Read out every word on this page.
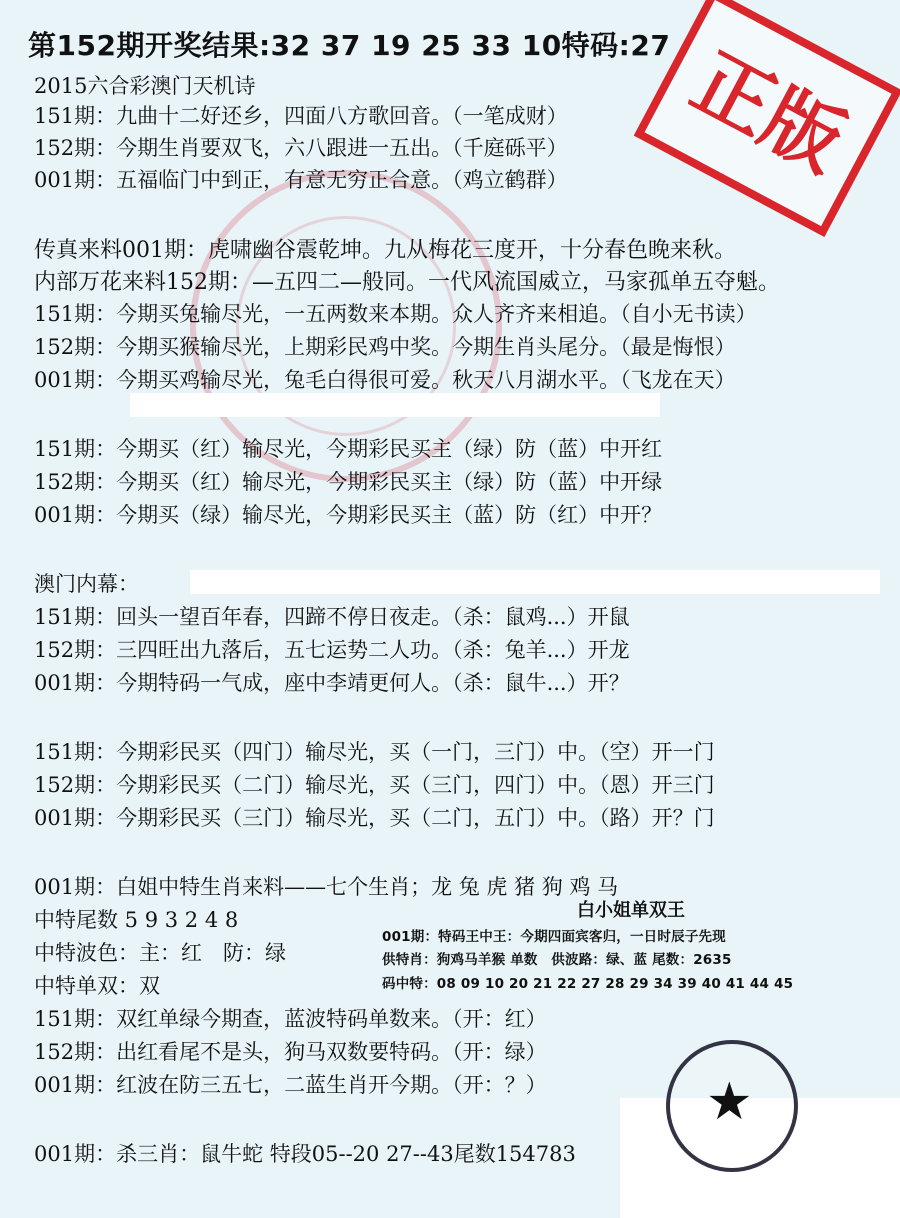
第152期开奖结果:32 37 19 25 33 10特码:27 正版
2015六合彩澳门天机诗
151期：九曲十二好还乡，四面八方歌回音。（一笔成财）
152期：今期生肖要双飞，六八跟进一五出。（千庭砾平）
001期：五福临门中到正，有意无穷正合意。（鸡立鹤群）
传真来料001期：虎啸幽谷震乾坤。九从梅花三度开，十分春色晚来秋。
内部万花来料152期：—五四二—般同。一代风流国威立，马家孤单五夺魁。
151期：今期买兔输尽光，一五两数来本期。众人齐齐来相追。（自小无书读）
152期：今期买猴输尽光，上期彩民鸡中奖。今期生肖头尾分。（最是悔恨）
001期：今期买鸡输尽光，兔毛白得很可爱。秋天八月湖水平。（飞龙在天）
151期：今期买（红）输尽光，今期彩民买主（绿）防（蓝）中开红
152期：今期买（红）输尽光，今期彩民买主（绿）防（蓝）中开绿
001期：今期买（绿）输尽光，今期彩民买主（蓝）防（红）中开？
澳门内幕：
151期：回头一望百年春，四蹄不停日夜走。（杀：鼠鸡...）开鼠
152期：三四旺出九落后，五七运势二人功。（杀：兔羊...）开龙
001期：今期特码一气成，座中李靖更何人。（杀：鼠牛...）开？
151期：今期彩民买（四门）输尽光，买（一门，三门）中。（空）开一门
152期：今期彩民买（二门）输尽光，买（三门，四门）中。（恩）开三门
001期：今期彩民买（三门）输尽光，买（二门，五门）中。（路）开？门
001期：白姐中特生肖来料——七个生肖；龙 兔 虎 猪 狗 鸡 马
中特尾数 5 9 3 2 4 8
中特波色：主：红　防：绿
中特单双：双
151期：双红单绿今期查，蓝波特码单数来。（开：红）
152期：出红看尾不是头，狗马双数要特码。（开：绿）
001期：红波在防三五七，二蓝生肖开今期。（开：？）
001期：杀三肖：鼠牛蛇 特段05--20 27--43尾数154783
白小姐单双王
001期：特码王中王：今期四面宾客归，一日时辰子先现
供特肖：狗鸡马羊猴 单数　供波路：绿、蓝 尾数：2635
码中特：08 09 10 20 21 22 27 28 29 34 39 40 41 44 45
★
